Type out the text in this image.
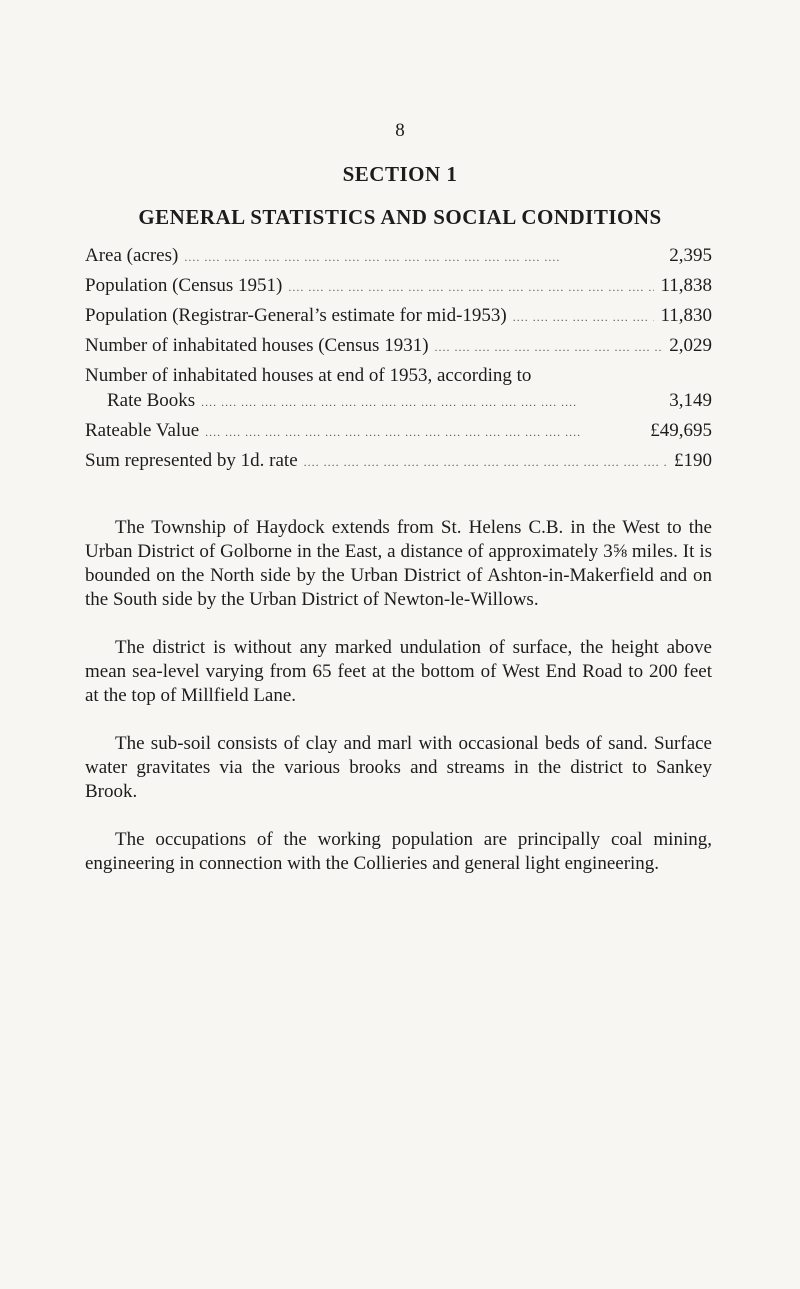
8
SECTION 1
GENERAL STATISTICS AND SOCIAL CONDITIONS
Area (acres) ....	2,395
Population (Census 1951) ....	11,838
Population (Registrar-General’s estimate for mid-1953) ....	11,830
Number of inhabitated houses (Census 1931) ....	2,029
Number of inhabitated houses at end of 1953, according to
Rate Books ....	3,149
Rateable Value ....	£49,695
Sum represented by 1d. rate ....	£190

The Township of Haydock extends from St. Helens C.B. in the West to the Urban District of Golborne in the East, a distance of approximately 3⅝ miles. It is bounded on the North side by the Urban District of Ashton-in-Makerfield and on the South side by the Urban District of Newton-le-Willows.

The district is without any marked undulation of surface, the height above mean sea-level varying from 65 feet at the bottom of West End Road to 200 feet at the top of Millfield Lane.

The sub-soil consists of clay and marl with occasional beds of sand. Surface water gravitates via the various brooks and streams in the district to Sankey Brook.

The occupations of the working population are principally coal mining, engineering in connection with the Collieries and general light engineering.
